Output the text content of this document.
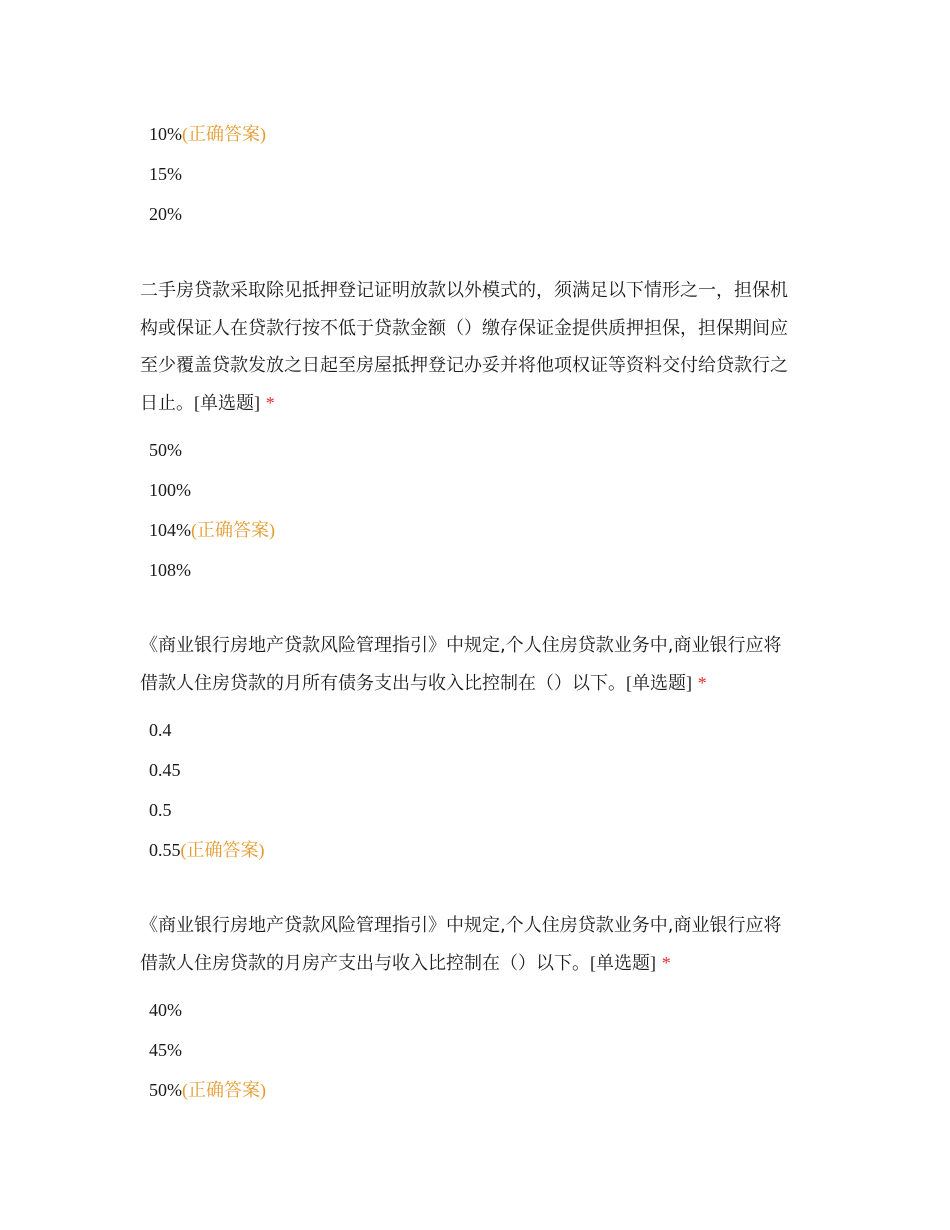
10%(正确答案)
15%
20%
二手房贷款采取除见抵押登记证明放款以外模式的，须满足以下情形之一，担保机
构或保证人在贷款行按不低于贷款金额（）缴存保证金提供质押担保，担保期间应
至少覆盖贷款发放之日起至房屋抵押登记办妥并将他项权证等资料交付给贷款行之
日止。[单选题] *
50%
100%
104%(正确答案)
108%
《商业银行房地产贷款风险管理指引》中规定,个人住房贷款业务中,商业银行应将
借款人住房贷款的月所有债务支出与收入比控制在（）以下。[单选题] *
0.4
0.45
0.5
0.55(正确答案)
《商业银行房地产贷款风险管理指引》中规定,个人住房贷款业务中,商业银行应将
借款人住房贷款的月房产支出与收入比控制在（）以下。[单选题] *
40%
45%
50%(正确答案)
